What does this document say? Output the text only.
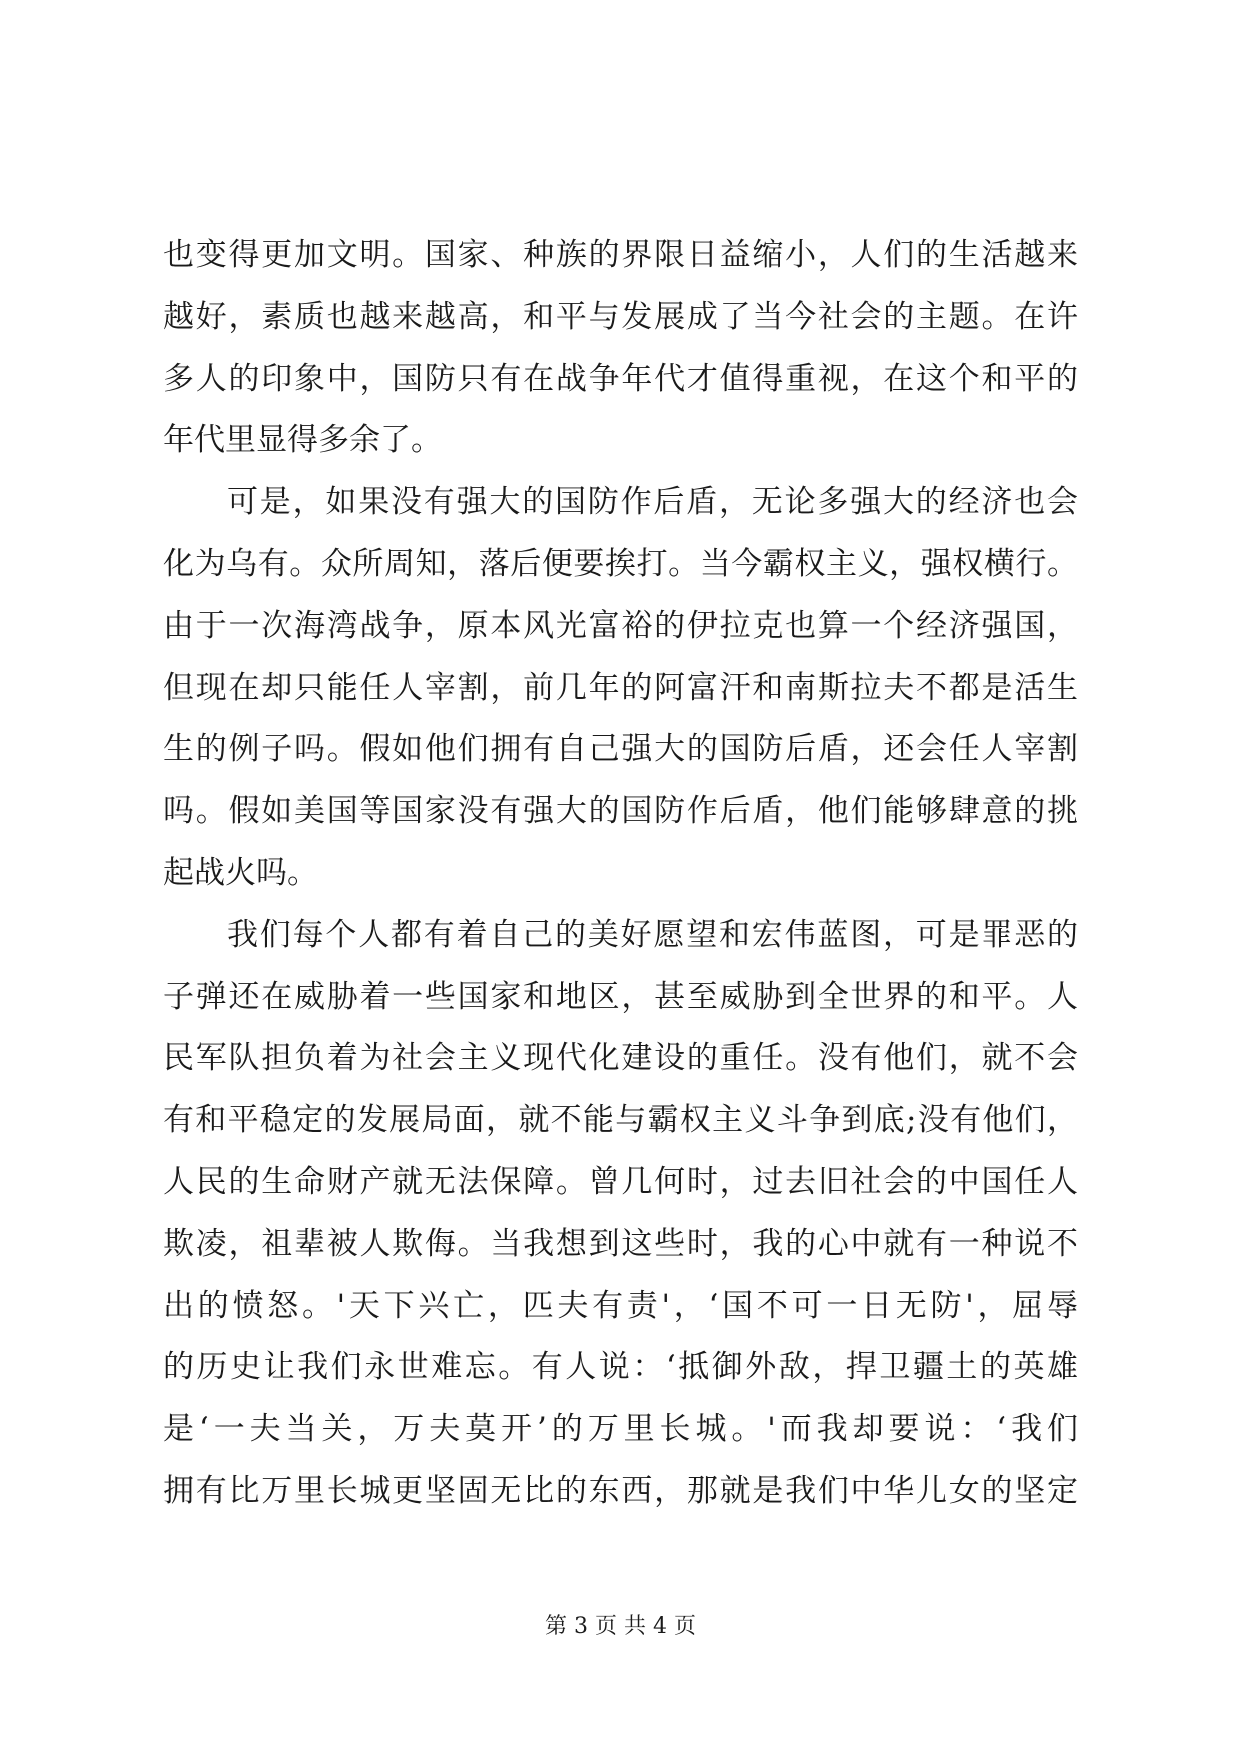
也变得更加文明。国家、种族的界限日益缩小，人们的生活越来
越好，素质也越来越高，和平与发展成了当今社会的主题。在许
多人的印象中，国防只有在战争年代才值得重视，在这个和平的
年代里显得多余了。
可是，如果没有强大的国防作后盾，无论多强大的经济也会
化为乌有。众所周知，落后便要挨打。当今霸权主义，强权横行。
由于一次海湾战争，原本风光富裕的伊拉克也算一个经济强国，
但现在却只能任人宰割，前几年的阿富汗和南斯拉夫不都是活生
生的例子吗。假如他们拥有自己强大的国防后盾，还会任人宰割
吗。假如美国等国家没有强大的国防作后盾，他们能够肆意的挑
起战火吗。
我们每个人都有着自己的美好愿望和宏伟蓝图，可是罪恶的
子弹还在威胁着一些国家和地区，甚至威胁到全世界的和平。人
民军队担负着为社会主义现代化建设的重任。没有他们，就不会
有和平稳定的发展局面，就不能与霸权主义斗争到底;没有他们，
人民的生命财产就无法保障。曾几何时，过去旧社会的中国任人
欺凌，祖辈被人欺侮。当我想到这些时，我的心中就有一种说不
出的愤怒。'天下兴亡，匹夫有责'，‘国不可一日无防'，屈辱
的历史让我们永世难忘。有人说：‘抵御外敌，捍卫疆土的英雄
是‘一夫当关，万夫莫开’的万里长城。'而我却要说：‘我们
拥有比万里长城更坚固无比的东西，那就是我们中华儿女的坚定
第 3 页 共 4 页
